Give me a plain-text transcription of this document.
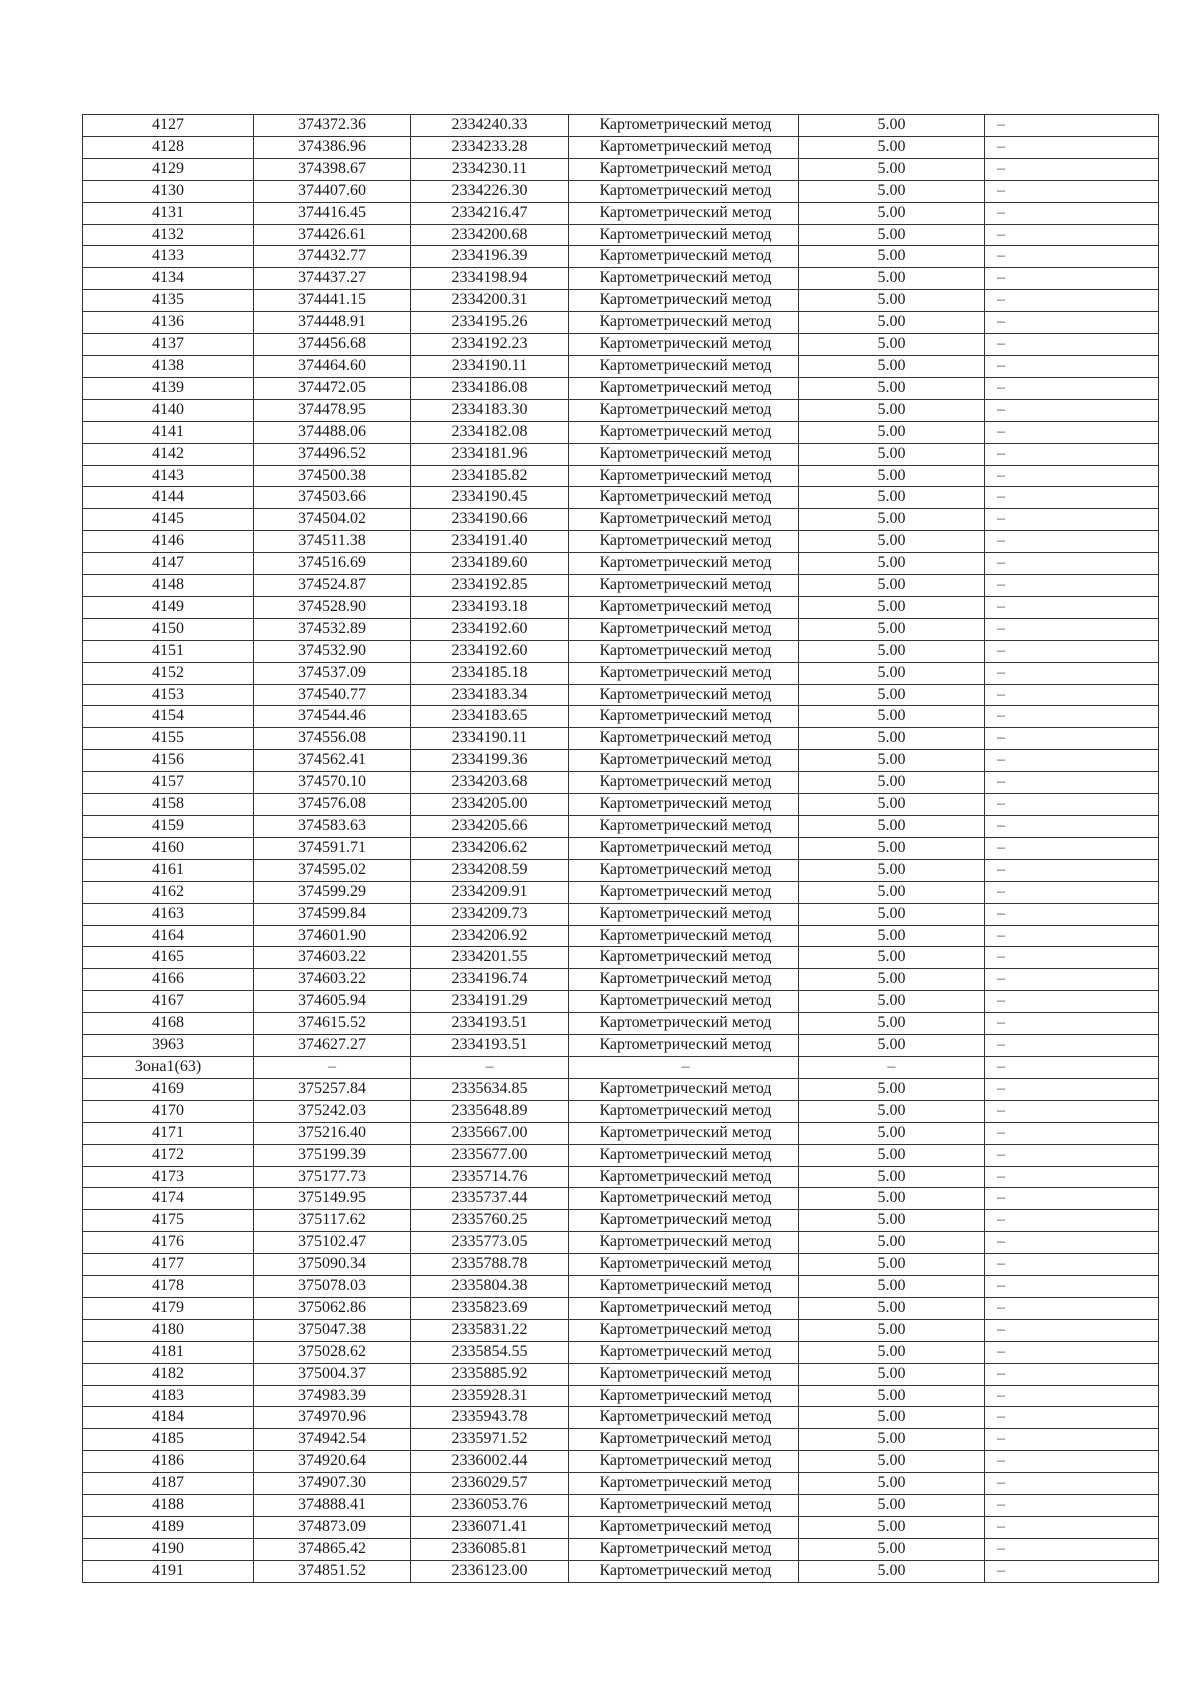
4127	374372.36	2334240.33	Картометрический метод	5.00	–
4128	374386.96	2334233.28	Картометрический метод	5.00	–
4129	374398.67	2334230.11	Картометрический метод	5.00	–
4130	374407.60	2334226.30	Картометрический метод	5.00	–
4131	374416.45	2334216.47	Картометрический метод	5.00	–
4132	374426.61	2334200.68	Картометрический метод	5.00	–
4133	374432.77	2334196.39	Картометрический метод	5.00	–
4134	374437.27	2334198.94	Картометрический метод	5.00	–
4135	374441.15	2334200.31	Картометрический метод	5.00	–
4136	374448.91	2334195.26	Картометрический метод	5.00	–
4137	374456.68	2334192.23	Картометрический метод	5.00	–
4138	374464.60	2334190.11	Картометрический метод	5.00	–
4139	374472.05	2334186.08	Картометрический метод	5.00	–
4140	374478.95	2334183.30	Картометрический метод	5.00	–
4141	374488.06	2334182.08	Картометрический метод	5.00	–
4142	374496.52	2334181.96	Картометрический метод	5.00	–
4143	374500.38	2334185.82	Картометрический метод	5.00	–
4144	374503.66	2334190.45	Картометрический метод	5.00	–
4145	374504.02	2334190.66	Картометрический метод	5.00	–
4146	374511.38	2334191.40	Картометрический метод	5.00	–
4147	374516.69	2334189.60	Картометрический метод	5.00	–
4148	374524.87	2334192.85	Картометрический метод	5.00	–
4149	374528.90	2334193.18	Картометрический метод	5.00	–
4150	374532.89	2334192.60	Картометрический метод	5.00	–
4151	374532.90	2334192.60	Картометрический метод	5.00	–
4152	374537.09	2334185.18	Картометрический метод	5.00	–
4153	374540.77	2334183.34	Картометрический метод	5.00	–
4154	374544.46	2334183.65	Картометрический метод	5.00	–
4155	374556.08	2334190.11	Картометрический метод	5.00	–
4156	374562.41	2334199.36	Картометрический метод	5.00	–
4157	374570.10	2334203.68	Картометрический метод	5.00	–
4158	374576.08	2334205.00	Картометрический метод	5.00	–
4159	374583.63	2334205.66	Картометрический метод	5.00	–
4160	374591.71	2334206.62	Картометрический метод	5.00	–
4161	374595.02	2334208.59	Картометрический метод	5.00	–
4162	374599.29	2334209.91	Картометрический метод	5.00	–
4163	374599.84	2334209.73	Картометрический метод	5.00	–
4164	374601.90	2334206.92	Картометрический метод	5.00	–
4165	374603.22	2334201.55	Картометрический метод	5.00	–
4166	374603.22	2334196.74	Картометрический метод	5.00	–
4167	374605.94	2334191.29	Картометрический метод	5.00	–
4168	374615.52	2334193.51	Картометрический метод	5.00	–
3963	374627.27	2334193.51	Картометрический метод	5.00	–
Зона1(63)	–	–	–	–	–
4169	375257.84	2335634.85	Картометрический метод	5.00	–
4170	375242.03	2335648.89	Картометрический метод	5.00	–
4171	375216.40	2335667.00	Картометрический метод	5.00	–
4172	375199.39	2335677.00	Картометрический метод	5.00	–
4173	375177.73	2335714.76	Картометрический метод	5.00	–
4174	375149.95	2335737.44	Картометрический метод	5.00	–
4175	375117.62	2335760.25	Картометрический метод	5.00	–
4176	375102.47	2335773.05	Картометрический метод	5.00	–
4177	375090.34	2335788.78	Картометрический метод	5.00	–
4178	375078.03	2335804.38	Картометрический метод	5.00	–
4179	375062.86	2335823.69	Картометрический метод	5.00	–
4180	375047.38	2335831.22	Картометрический метод	5.00	–
4181	375028.62	2335854.55	Картометрический метод	5.00	–
4182	375004.37	2335885.92	Картометрический метод	5.00	–
4183	374983.39	2335928.31	Картометрический метод	5.00	–
4184	374970.96	2335943.78	Картометрический метод	5.00	–
4185	374942.54	2335971.52	Картометрический метод	5.00	–
4186	374920.64	2336002.44	Картометрический метод	5.00	–
4187	374907.30	2336029.57	Картометрический метод	5.00	–
4188	374888.41	2336053.76	Картометрический метод	5.00	–
4189	374873.09	2336071.41	Картометрический метод	5.00	–
4190	374865.42	2336085.81	Картометрический метод	5.00	–
4191	374851.52	2336123.00	Картометрический метод	5.00	–
